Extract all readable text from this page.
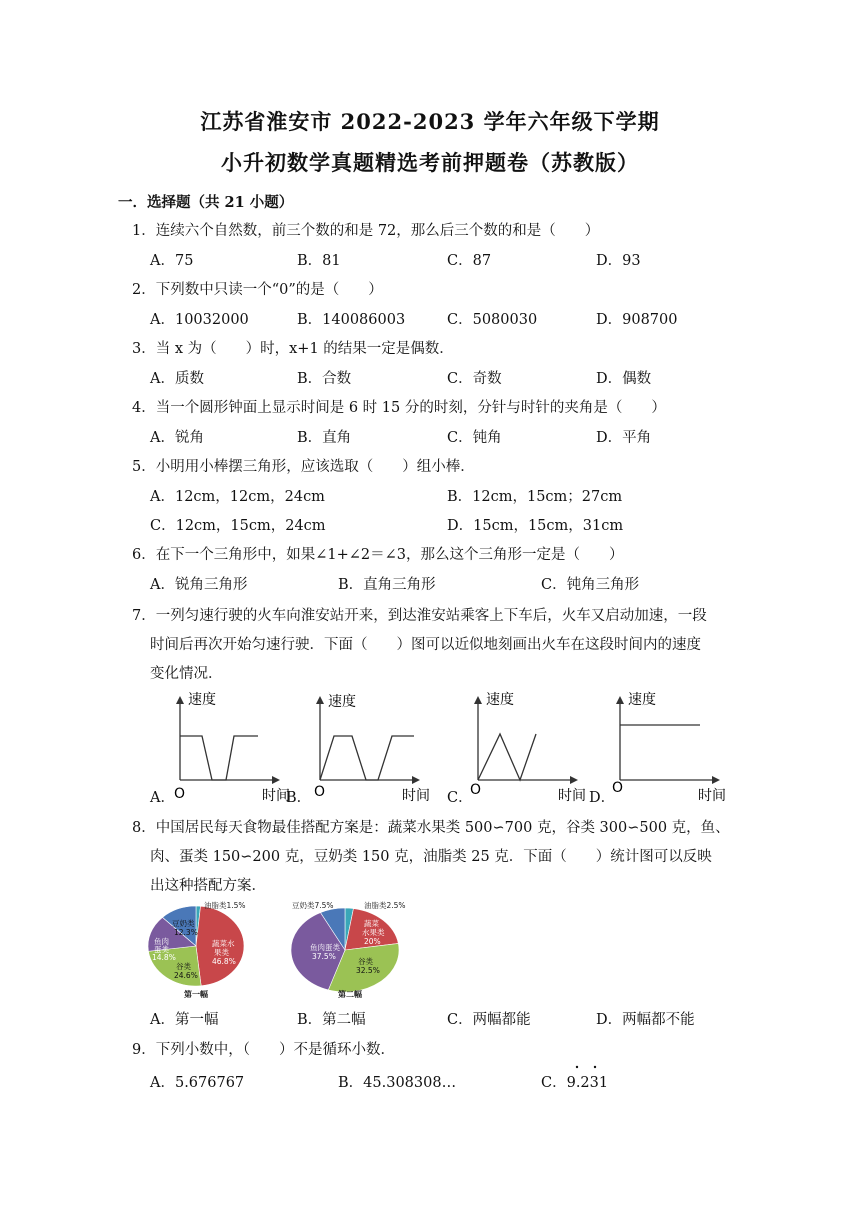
江苏省淮安市 2022-2023 学年六年级下学期
小升初数学真题精选考前押题卷（苏教版）
一．选择题（共 21 小题）
1．连续六个自然数，前三个数的和是 72，那么后三个数的和是（　　）
A．75	B．81	C．87	D．93
2．下列数中只读一个“0”的是（　　）
A．10032000	B．140086003	C．5080030	D．908700
3．当 x 为（　　）时，x+1 的结果一定是偶数．
A．质数	B．合数	C．奇数	D．偶数
4．当一个圆形钟面上显示时间是 6 时 15 分的时刻，分针与时针的夹角是（　　）
A．锐角	B．直角	C．钝角	D．平角
5．小明用小棒摆三角形，应该选取（　　）组小棒．
A．12cm，12cm，24cm	B．12cm，15cm；27cm
C．12cm，15cm，24cm	D．15cm，15cm，31cm
6．在下一个三角形中，如果∠1+∠2＝∠3，那么这个三角形一定是（　　）
A．锐角三角形	B．直角三角形	C．钝角三角形
7．一列匀速行驶的火车向淮安站开来，到达淮安站乘客上下车后，火车又启动加速，一段
时间后再次开始匀速行驶．下面（　　）图可以近似地刻画出火车在这段时间内的速度
变化情况．
速度
O	时间
速度
O	时间
速度
O	时间
速度
O	时间
A．	B．	C．	D．
8．中国居民每天食物最佳搭配方案是：蔬菜水果类 500∽700 克，谷类 300∽500 克，鱼、
肉、蛋类 150∽200 克，豆奶类 150 克，油脂类 25 克．下面（　　）统计图可以反映
出这种搭配方案．
油脂类1.5%
豆奶类
12.3%
鱼肉
蛋类
14.8%
谷类
24.6%
蔬菜水
果类
46.8%
第一幅
豆奶类7.5%	油脂类2.5%
蔬菜
水果类
20%
鱼肉蛋类
37.5%
谷类
32.5%
第二幅
A．第一幅	B．第二幅	C．两幅都能	D．两幅都不能
9．下列小数中，（　　）不是循环小数．
A．5.676767	B．45.308308…	C．9.231
